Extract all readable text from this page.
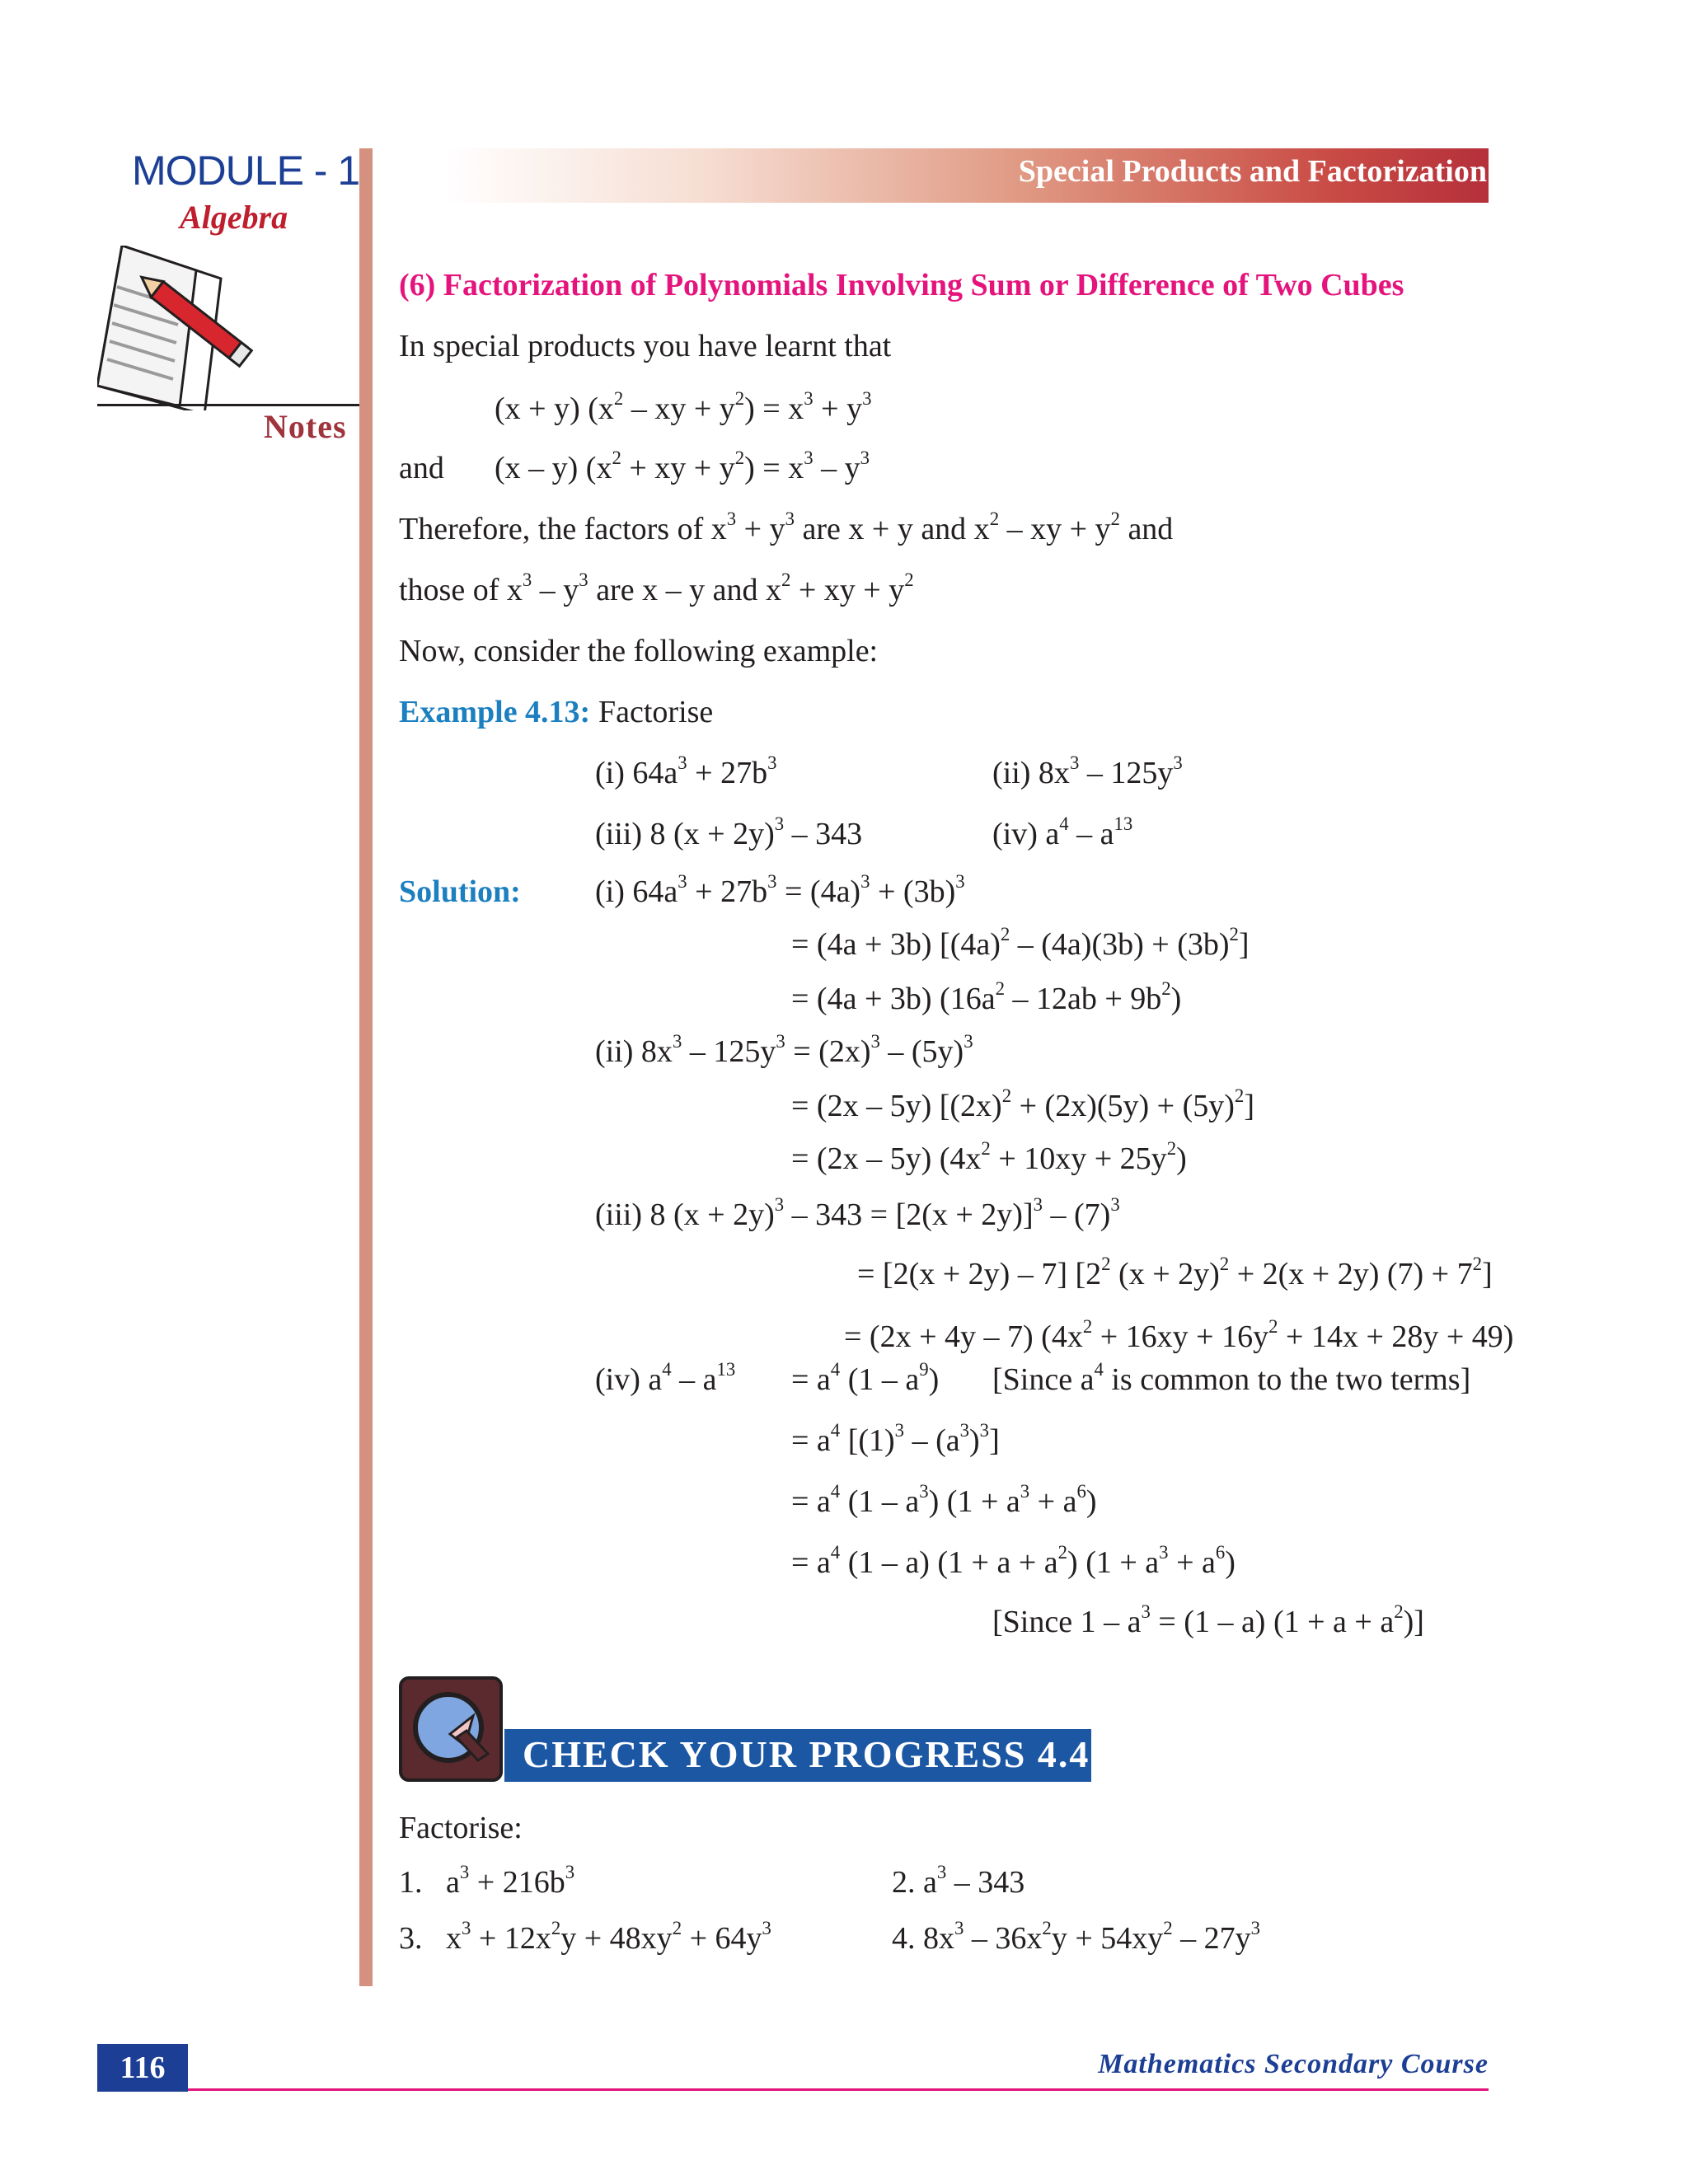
MODULE - 1
Algebra
Notes
Special Products and Factorization
(6) Factorization of Polynomials Involving Sum or Difference of Two Cubes
In special products you have learnt that
(x + y) ($x^2$ – xy + $y^2) = x^3 + y^3$
and (x – y) ($x^2$ + xy + $y^2) = x^3 - y^3$
Therefore, the factors of $x^3 + y^3$ are x + y and $x^2$ – xy + $y^2$ and
those of $x^3 - y^3$ are x – y and $x^2$ + xy + $y^2$
Now, consider the following example:
Example 4.13: Factorise
(i) $64a^3 + 27b^3$	(ii) $8x^3 - 125y^3$
(iii) 8 $(x + 2y)^3 - 343$	(iv) $a^4 - a^{13}$
Solution: (i) $64a^3 + 27b^3 = (4a)^3 + (3b)^3$
= (4a + 3b) $[(4a)^2 - (4a)(3b) + (3b)^2]$
= (4a + 3b) $(16a^2 - 12ab + 9b^2)$
(ii) $8x^3 - 125y^3 = (2x)^3 - (5y)^3$
= (2x – 5y) $[(2x)^2 + (2x)(5y) + (5y)^2]$
= (2x – 5y) $(4x^2 + 10xy + 25y^2)$
(iii) 8 $(x + 2y)^3 - 343 = [2(x + 2y)]^3 - (7)^3$
= [2(x + 2y) – 7] [$2^2$ $(x + 2y)^2 + 2(x + 2y)$ $(7) + 7^2$]
= (2x + 4y – 7) $(4x^2 + 16xy + 16y^2 + 14x + 28y + 49)$
(iv) $a^4 - a^{13} = a^4$ $(1 - a^9)$ [Since $a^4$ is common to the two terms]
= $a^4$ $[(1)^3 - (a^3)^3]$
= $a^4$ $(1 - a^3)$ $(1 + a^3 + a^6)$
= $a^4$ (1 – a) $(1 + a + a^2)$ $(1 + a^3 + a^6)$
[Since $1 - a^3 = (1 - a) (1 + a + a^2)$]
CHECK YOUR PROGRESS 4.4
Factorise:
1.   $a^3 + 216b^3$	2. $a^3 - 343$
3.   $x^3 + 12x^2y + 48xy^2 + 64y^3$	4. $8x^3 - 36x^2y + 54xy^2 - 27y^3$
116	Mathematics Secondary Course
